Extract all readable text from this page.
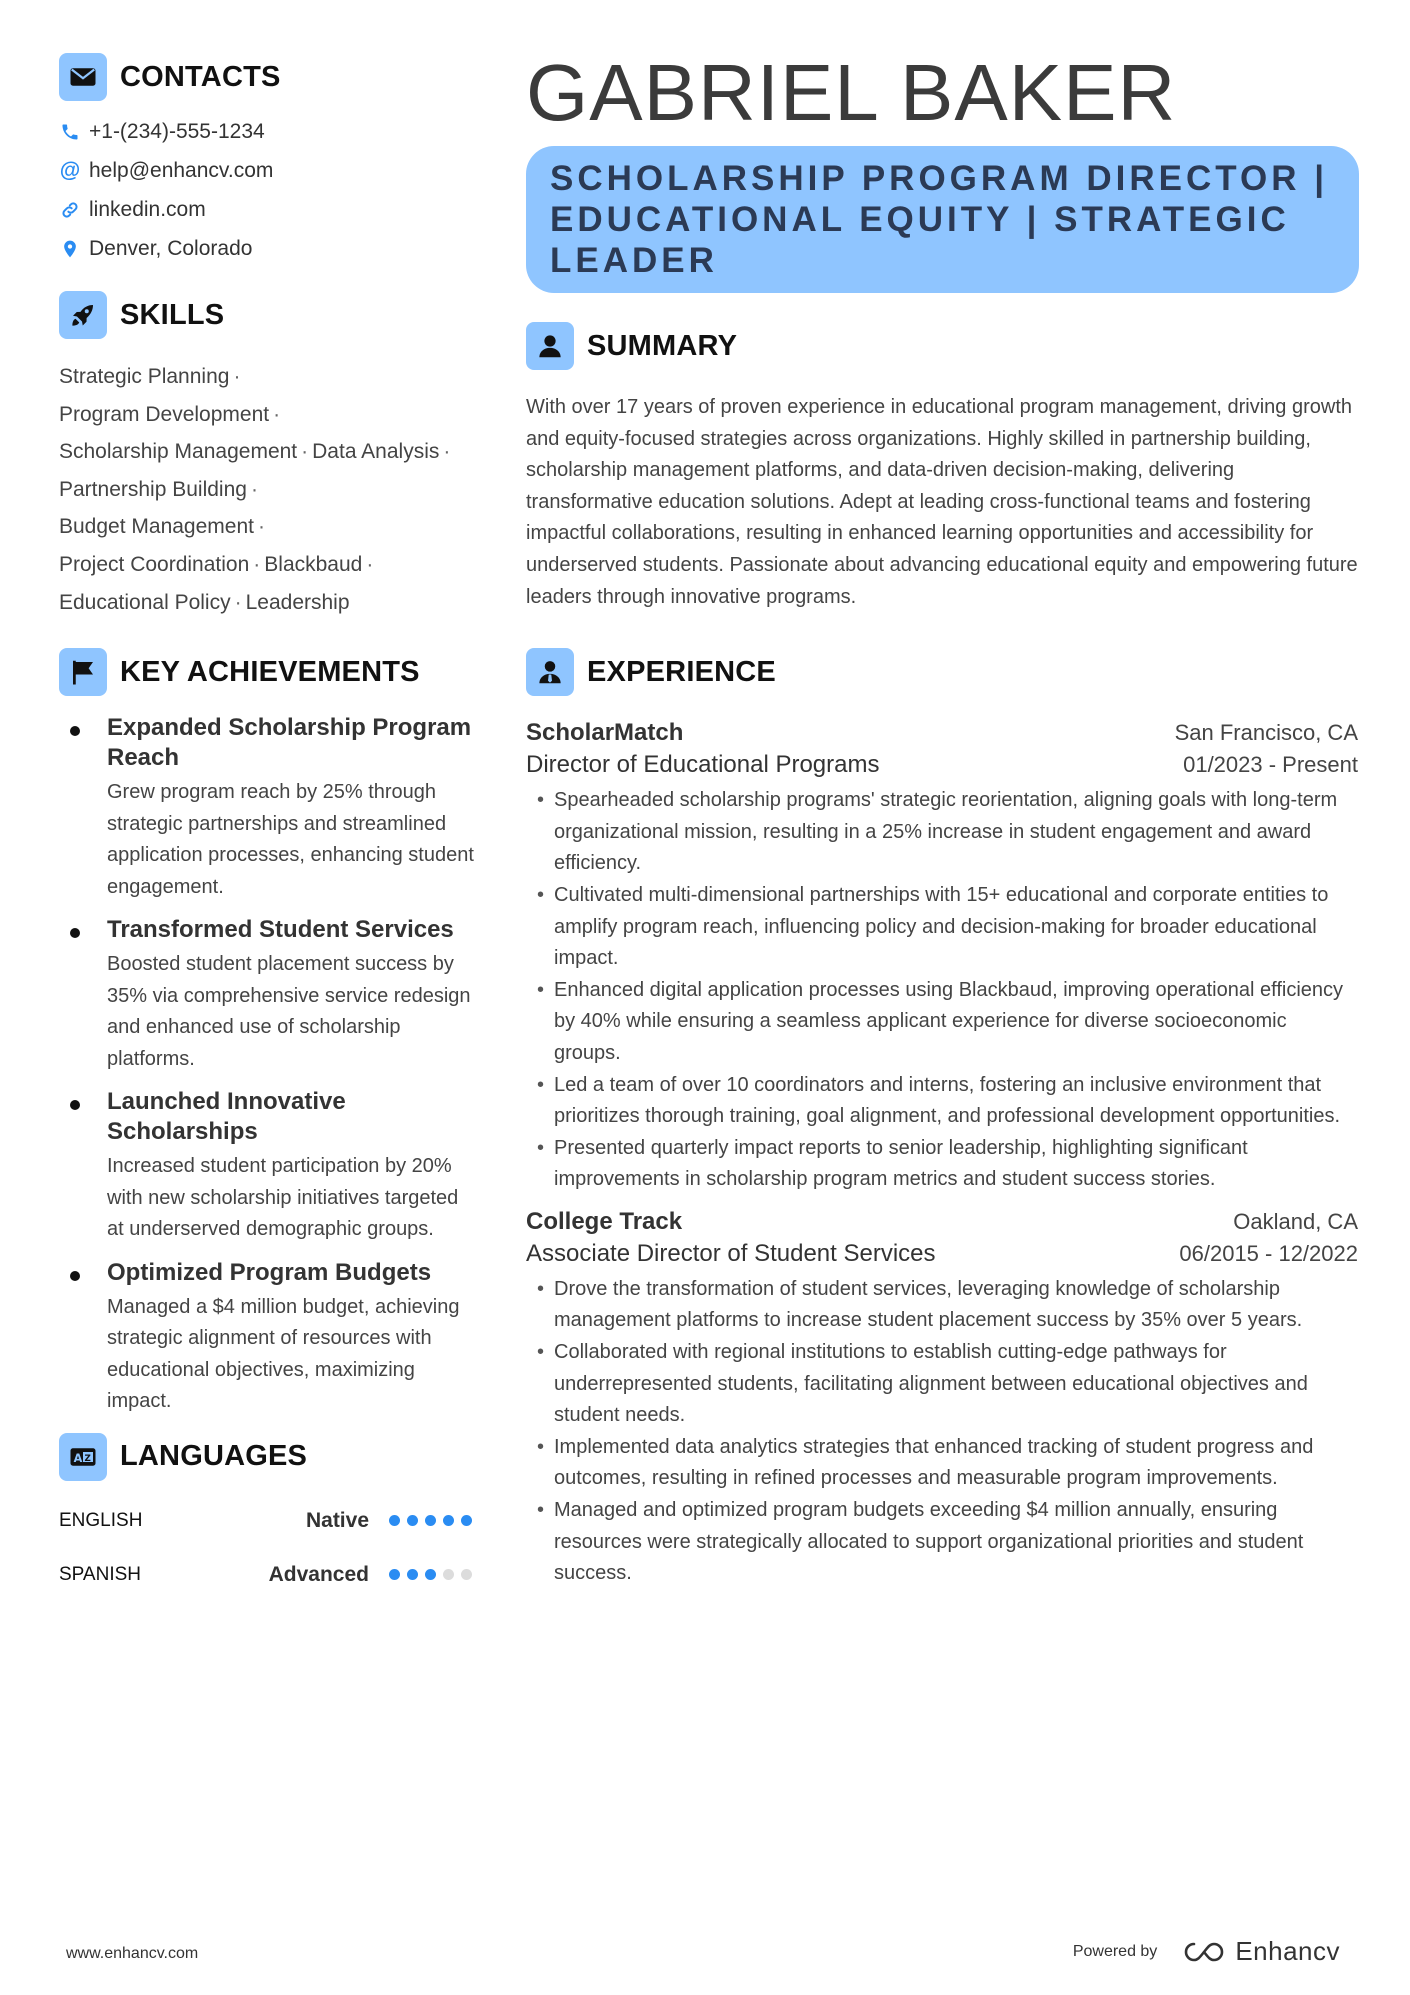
CONTACTS
+1-(234)-555-1234
@ help@enhancv.com
linkedin.com
Denver, Colorado
SKILLS
Strategic Planning ·
Program Development ·
Scholarship Management · Data Analysis ·
Partnership Building ·
Budget Management ·
Project Coordination · Blackbaud ·
Educational Policy · Leadership
KEY ACHIEVEMENTS
Expanded Scholarship Program Reach
Grew program reach by 25% through strategic partnerships and streamlined application processes, enhancing student engagement.
Transformed Student Services
Boosted student placement success by 35% via comprehensive service redesign and enhanced use of scholarship platforms.
Launched Innovative Scholarships
Increased student participation by 20% with new scholarship initiatives targeted at underserved demographic groups.
Optimized Program Budgets
Managed a $4 million budget, achieving strategic alignment of resources with educational objectives, maximizing impact.
A Z LANGUAGES
ENGLISH	Native
SPANISH	Advanced
GABRIEL BAKER
SCHOLARSHIP PROGRAM DIRECTOR | EDUCATIONAL EQUITY | STRATEGIC LEADER
SUMMARY
With over 17 years of proven experience in educational program management, driving growth and equity-focused strategies across organizations. Highly skilled in partnership building, scholarship management platforms, and data-driven decision-making, delivering transformative education solutions. Adept at leading cross-functional teams and fostering impactful collaborations, resulting in enhanced learning opportunities and accessibility for underserved students. Passionate about advancing educational equity and empowering future leaders through innovative programs.
EXPERIENCE
ScholarMatch	San Francisco, CA
Director of Educational Programs	01/2023 - Present
• Spearheaded scholarship programs' strategic reorientation, aligning goals with long-term organizational mission, resulting in a 25% increase in student engagement and award efficiency.
• Cultivated multi-dimensional partnerships with 15+ educational and corporate entities to amplify program reach, influencing policy and decision-making for broader educational impact.
• Enhanced digital application processes using Blackbaud, improving operational efficiency by 40% while ensuring a seamless applicant experience for diverse socioeconomic groups.
• Led a team of over 10 coordinators and interns, fostering an inclusive environment that prioritizes thorough training, goal alignment, and professional development opportunities.
• Presented quarterly impact reports to senior leadership, highlighting significant improvements in scholarship program metrics and student success stories.
College Track	Oakland, CA
Associate Director of Student Services	06/2015 - 12/2022
• Drove the transformation of student services, leveraging knowledge of scholarship management platforms to increase student placement success by 35% over 5 years.
• Collaborated with regional institutions to establish cutting-edge pathways for underrepresented students, facilitating alignment between educational objectives and student needs.
• Implemented data analytics strategies that enhanced tracking of student progress and outcomes, resulting in refined processes and measurable program improvements.
• Managed and optimized program budgets exceeding $4 million annually, ensuring resources were strategically allocated to support organizational priorities and student success.
www.enhancv.com	Powered by	Enhancv
